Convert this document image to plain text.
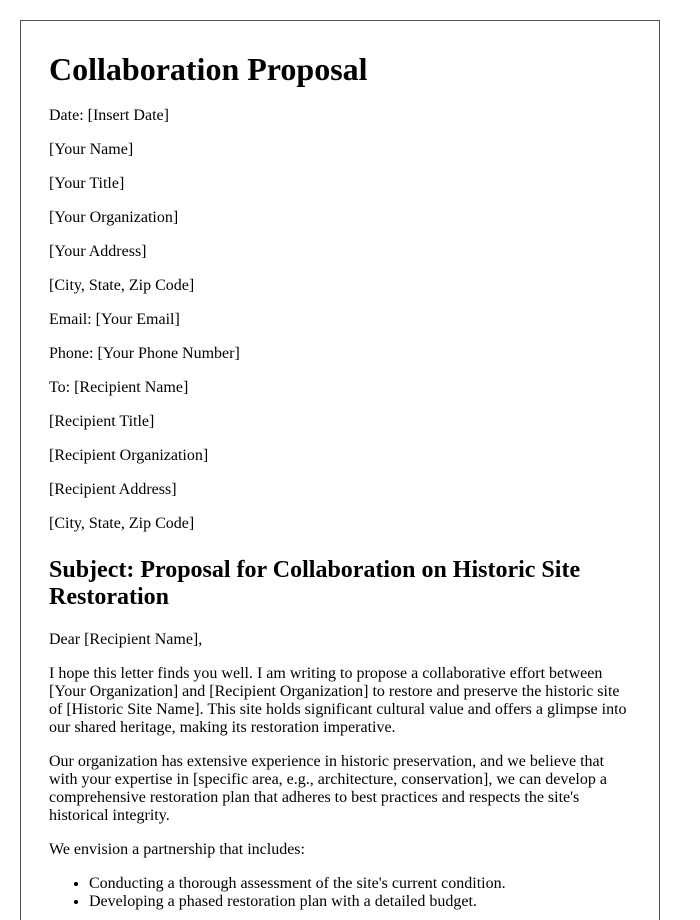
Collaboration Proposal
Date: [Insert Date]
[Your Name]
[Your Title]
[Your Organization]
[Your Address]
[City, State, Zip Code]
Email: [Your Email]
Phone: [Your Phone Number]
To: [Recipient Name]
[Recipient Title]
[Recipient Organization]
[Recipient Address]
[City, State, Zip Code]
Subject: Proposal for Collaboration on Historic Site Restoration

Dear [Recipient Name],

I hope this letter finds you well. I am writing to propose a collaborative effort between [Your Organization] and [Recipient Organization] to restore and preserve the historic site of [Historic Site Name]. This site holds significant cultural value and offers a glimpse into our shared heritage, making its restoration imperative.

Our organization has extensive experience in historic preservation, and we believe that with your expertise in [specific area, e.g., architecture, conservation], we can develop a comprehensive restoration plan that adheres to best practices and respects the site's historical integrity.

We envision a partnership that includes:

• Conducting a thorough assessment of the site's current condition.
• Developing a phased restoration plan with a detailed budget.
